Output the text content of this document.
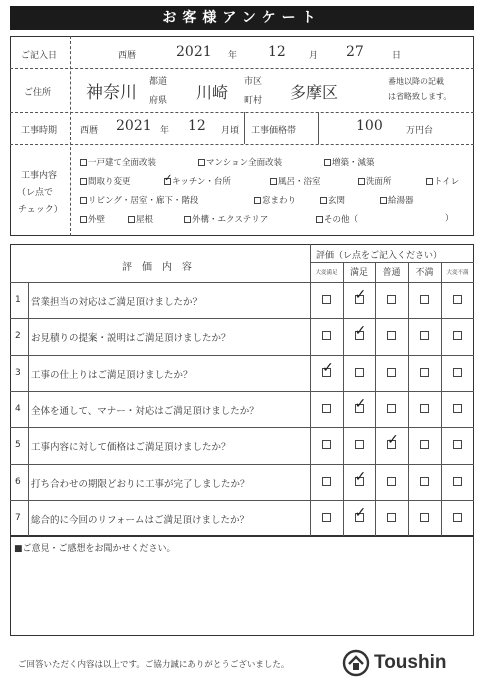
お客様アンケート
ご記入日	西暦	2021 年 12	月 27	日
ご住所 神奈川
都道
府県 川崎
市区
町村 多摩区
番地以降の記載
は省略致します。
工事時期	西暦 2021 年 12 月頃 工事価格帯	100	万円台
工事内容
（レ点で
チェック）
一戸建て全面改装	マンション全面改装	増築・減築
間取り変更
✓	キッチン・台所	風呂・浴室	洗面所	トイレ
リビング・居室・廊下・階段	窓まわり	玄関	給湯器
外壁	屋根	外構・エクステリア	その他（	）
評　価　内　容
評価（レ点をご記入ください）
大変満足	満足	普通	不満	大変不満
1 営業担当の対応はご満足頂けましたか？
✓
2 お見積りの提案・説明はご満足頂けましたか？
✓
3 工事の仕上りはご満足頂けましたか？
✓
4 全体を通して、マナー・対応はご満足頂けましたか？
✓
5 工事内容に対して価格はご満足頂けましたか？
✓
6 打ち合わせの期限どおりに工事が完了しましたか？
✓
7 総合的に今回のリフォームはご満足頂けましたか？
✓
■ご意見・ご感想をお聞かせください。
ご回答いただく内容は以上です。ご協力誠にありがとうございました。	Toushin
